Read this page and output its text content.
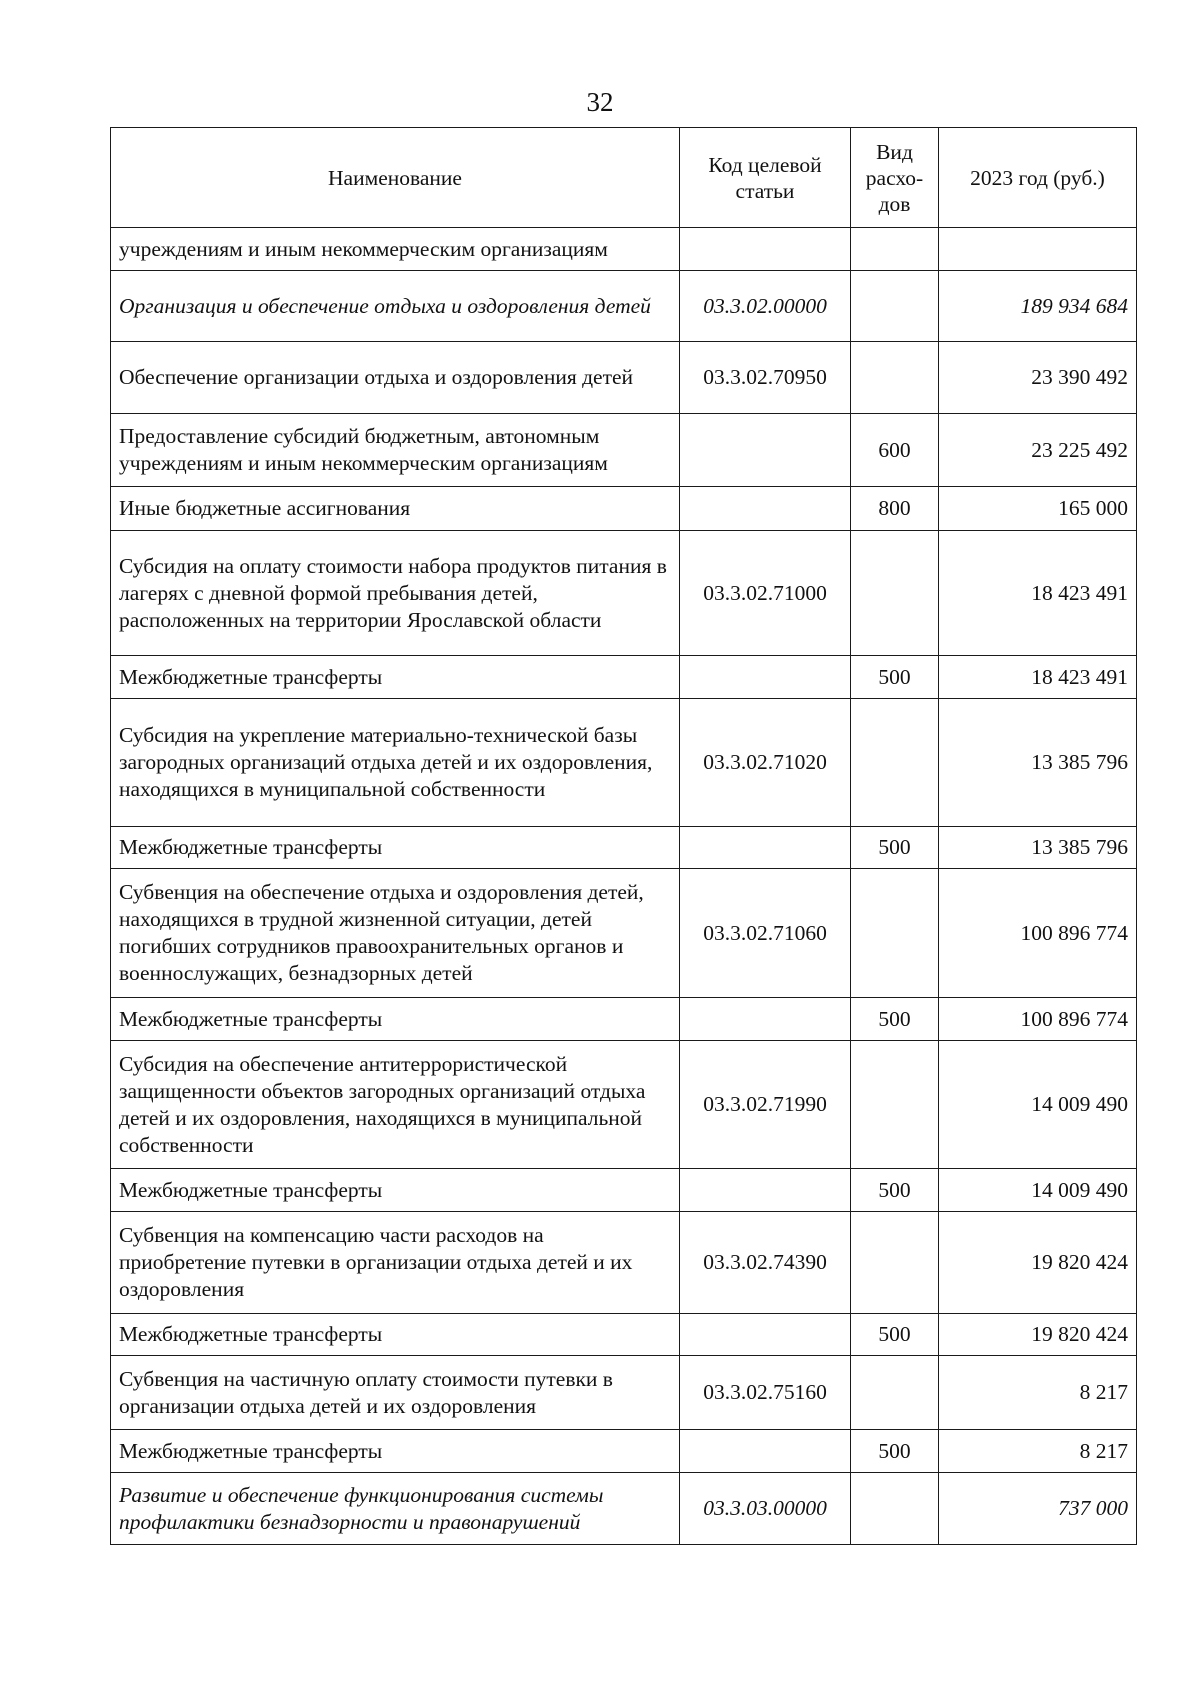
32
Наименование	Код целевой статьи	Вид расхо-дов	2023 год (руб.)
учреждениям и иным некоммерческим организациям			
Организация и обеспечение отдыха и оздоровления детей	03.3.02.00000		189 934 684
Обеспечение организации отдыха и оздоровления детей	03.3.02.70950		23 390 492
Предоставление субсидий бюджетным, автономным учреждениям и иным некоммерческим организациям		600	23 225 492
Иные бюджетные ассигнования		800	165 000
Субсидия на оплату стоимости набора продуктов питания в лагерях с дневной формой пребывания детей, расположенных на территории Ярославской области	03.3.02.71000		18 423 491
Межбюджетные трансферты		500	18 423 491
Субсидия на укрепление материально-технической базы загородных организаций отдыха детей и их оздоровления, находящихся в муниципальной собственности	03.3.02.71020		13 385 796
Межбюджетные трансферты		500	13 385 796
Субвенция на обеспечение отдыха и оздоровления детей, находящихся в трудной жизненной ситуации, детей погибших сотрудников правоохранительных органов и военнослужащих, безнадзорных детей	03.3.02.71060		100 896 774
Межбюджетные трансферты		500	100 896 774
Субсидия на обеспечение антитеррористической защищенности объектов загородных организаций отдыха детей и их оздоровления, находящихся в муниципальной собственности	03.3.02.71990		14 009 490
Межбюджетные трансферты		500	14 009 490
Субвенция на компенсацию части расходов на приобретение путевки в организации отдыха детей и их оздоровления	03.3.02.74390		19 820 424
Межбюджетные трансферты		500	19 820 424
Субвенция на частичную оплату стоимости путевки в организации отдыха детей и их оздоровления	03.3.02.75160		8 217
Межбюджетные трансферты		500	8 217
Развитие и обеспечение функционирования системы профилактики безнадзорности и правонарушений	03.3.03.00000		737 000
